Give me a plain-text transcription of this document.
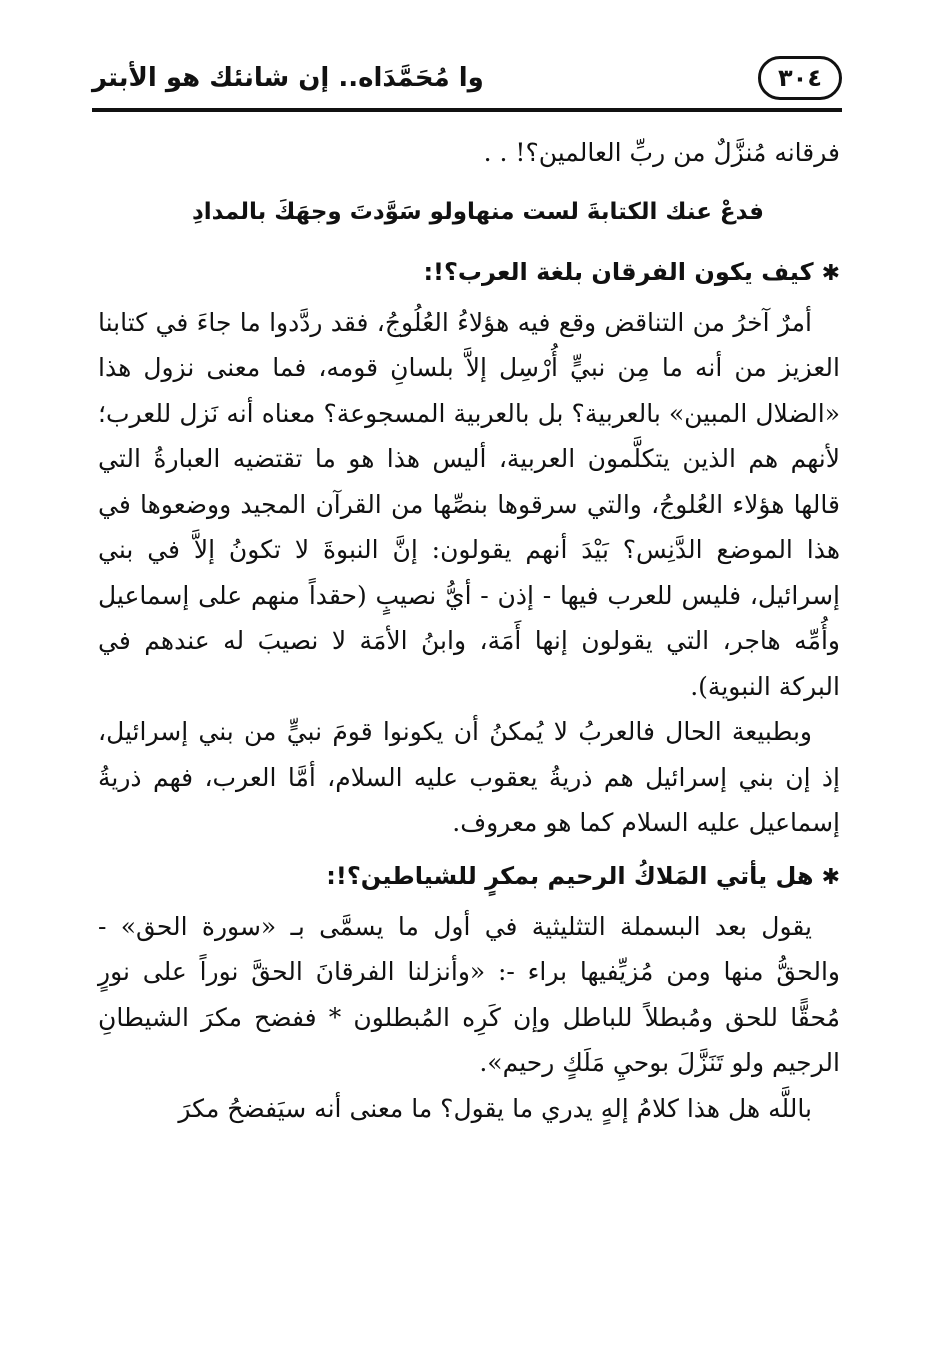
٣٠٤
وا مُحَمَّدَاه.. إن شانئك هو الأبتر

فرقانه مُنزَّلٌ من ربِّ العالمين؟! . .

فدعْ عنك الكتابةَ لست منها
ولو سَوَّدتَ وجهَكَ بالمدادِ
✱كيف يكون الفرقان بلغة العرب؟!:

أمرٌ آخرُ من التناقض وقع فيه هؤلاءُ العُلُوجُ، فقد ردَّدوا ما جاءَ في كتابنا العزيز من أنه ما مِن نبيٍّ أُرْسِل إلاَّ بلسانِ قومه، فما معنى نزول هذا «الضلال المبين» بالعربية؟ بل بالعربية المسجوعة؟ معناه أنه نَزل للعرب؛ لأنهم هم الذين يتكلَّمون العربية، أليس هذا هو ما تقتضيه العبارةُ التي قالها هؤلاء العُلوجُ، والتي سرقوها بنصِّها من القرآن المجيد ووضعوها في هذا الموضع الدَّنِس؟ بَيْدَ أنهم يقولون: إنَّ النبوةَ لا تكونُ إلاَّ في بني إسرائيل، فليس للعرب فيها - إذن - أيُّ نصيبٍ (حقداً منهم على إسماعيل وأُمِّه هاجر، التي يقولون إنها أَمَة، وابنُ الأمَة لا نصيبَ له عندهم في البركة النبوية).

وبطبيعة الحال فالعربُ لا يُمكنُ أن يكونوا قومَ نبيٍّ من بني إسرائيل، إذ إن بني إسرائيل هم ذريةُ يعقوب عليه السلام، أمَّا العرب، فهم ذريةُ إسماعيل عليه السلام كما هو معروف.

✱هل يأتي المَلاكُ الرحيم بمكرٍ للشياطين؟!:

يقول بعد البسملة التثليثية في أول ما يسمَّى بـ «سورة الحق» - والحقُّ منها ومن مُزيِّفيها براء -: «وأنزلنا الفرقانَ الحقَّ نوراً على نورٍ مُحقًّا للحق ومُبطلاً للباطل وإن كَرِه المُبطلون * ففضح مكرَ الشيطانِ الرجيم ولو تَنَزَّلَ بوحيِ مَلَكٍ رحيم».

باللَّه هل هذا كلامُ إلهٍ يدري ما يقول؟ ما معنى أنه سيَفضحُ مكرَ
